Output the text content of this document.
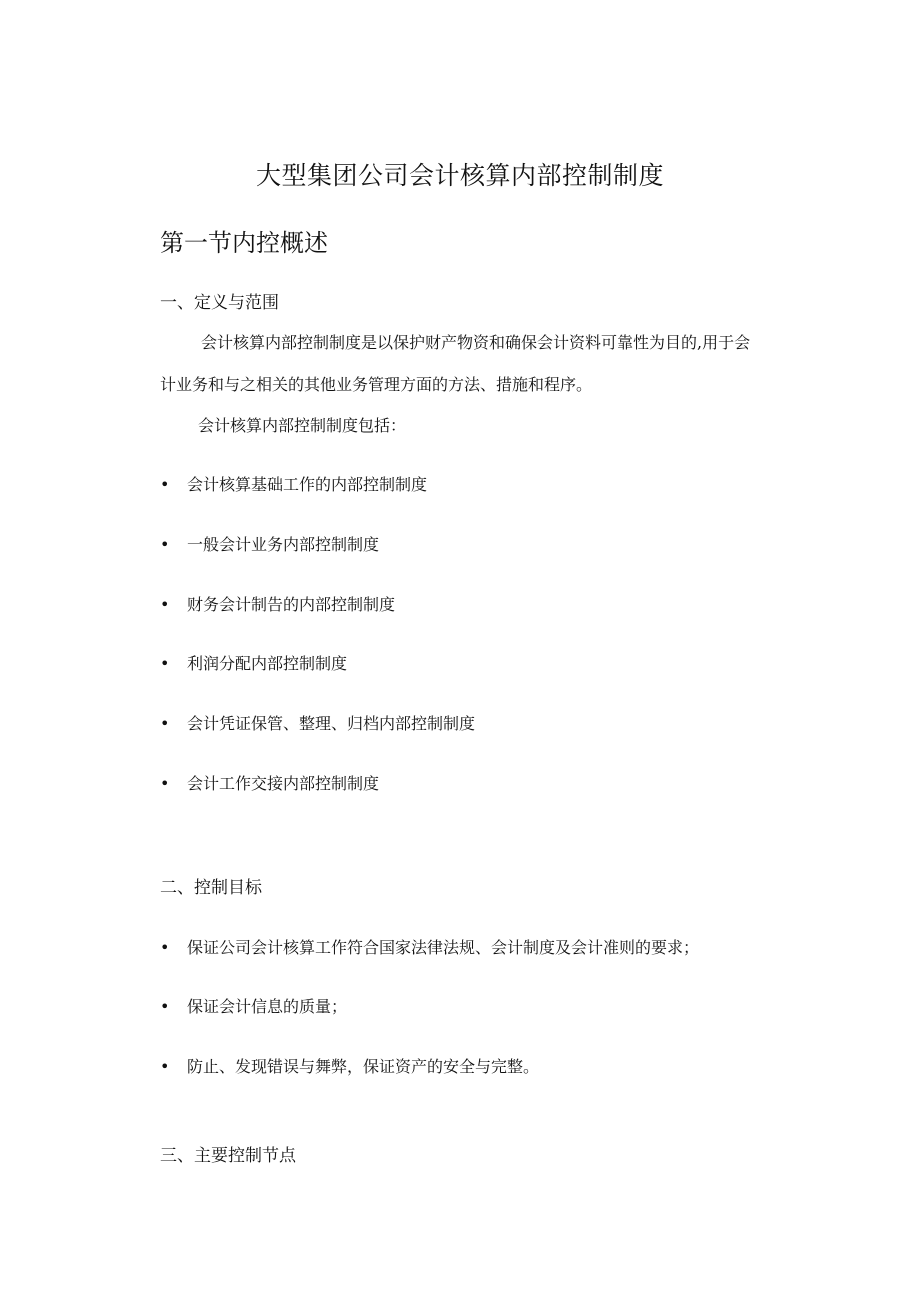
大型集团公司会计核算内部控制制度
第一节内控概述
一、定义与范围
会计核算内部控制制度是以保护财产物资和确保会计资料可靠性为目的,用于会
计业务和与之相关的其他业务管理方面的方法、措施和程序。
会计核算内部控制制度包括：
• 会计核算基础工作的内部控制制度
• 一般会计业务内部控制制度
• 财务会计制告的内部控制制度
• 利润分配内部控制制度
• 会计凭证保管、整理、归档内部控制制度
• 会计工作交接内部控制制度
二、控制目标
• 保证公司会计核算工作符合国家法律法规、会计制度及会计准则的要求；
• 保证会计信息的质量；
• 防止、发现错误与舞弊，保证资产的安全与完整。
三、主要控制节点
